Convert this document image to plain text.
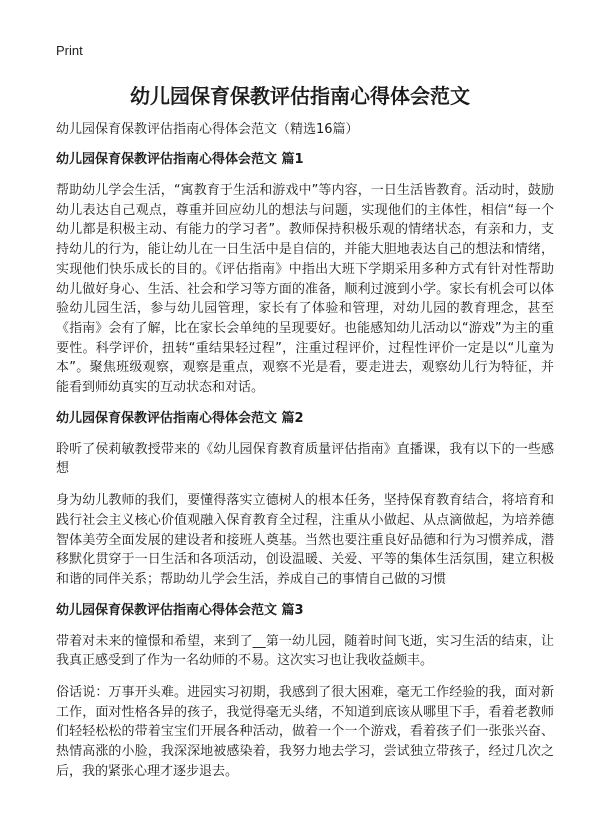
Print
幼儿园保育保教评估指南心得体会范文

幼儿园保育保教评估指南心得体会范文（精选16篇）

幼儿园保育保教评估指南心得体会范文 篇1

帮助幼儿学会生活，“寓教育于生活和游戏中”等内容，一日生活皆教育。活动时，鼓励幼儿表达自己观点，尊重并回应幼儿的想法与问题，实现他们的主体性，相信“每一个幼儿都是积极主动、有能力的学习者”。教师保持积极乐观的情绪状态，有亲和力，支持幼儿的行为，能让幼儿在一日生活中是自信的，并能大胆地表达自己的想法和情绪，实现他们快乐成长的目的。《评估指南》中指出大班下学期采用多种方式有针对性帮助幼儿做好身心、生活、社会和学习等方面的准备，顺利过渡到小学。家长有机会可以体验幼儿园生活，参与幼儿园管理，家长有了体验和管理，对幼儿园的教育理念，甚至《指南》会有了解，比在家长会单纯的呈现要好。也能感知幼儿活动以“游戏”为主的重要性。科学评价，扭转“重结果轻过程”，注重过程评价，过程性评价一定是以“儿童为本”。聚焦班级观察，观察是重点，观察不光是看，要走进去，观察幼儿行为特征，并能看到师幼真实的互动状态和对话。

幼儿园保育保教评估指南心得体会范文 篇2

聆听了侯莉敏教授带来的《幼儿园保育教育质量评估指南》直播课，我有以下的一些感想

身为幼儿教师的我们，要懂得落实立德树人的根本任务，坚持保育教育结合，将培育和践行社会主义核心价值观融入保育教育全过程，注重从小做起、从点滴做起，为培养德智体美劳全面发展的建设者和接班人奠基。当然也要注重良好品德和行为习惯养成，潜移默化贯穿于一日生活和各项活动，创设温暖、关爱、平等的集体生活氛围，建立积极和谐的同伴关系；帮助幼儿学会生活，养成自己的事情自己做的习惯

幼儿园保育保教评估指南心得体会范文 篇3

带着对未来的憧憬和希望，来到了__第一幼儿园，随着时间飞逝，实习生活的结束，让我真正感受到了作为一名幼师的不易。这次实习也让我收益颇丰。

俗话说：万事开头难。进园实习初期，我感到了很大困难，毫无工作经验的我，面对新工作，面对性格各异的孩子，我觉得毫无头绪，不知道到底该从哪里下手，看着老教师们轻轻松松的带着宝宝们开展各种活动，做着一个一个游戏，看着孩子们一张张兴奋、热情高涨的小脸，我深深地被感染着，我努力地去学习，尝试独立带孩子，经过几次之后，我的紧张心理才逐步退去。
